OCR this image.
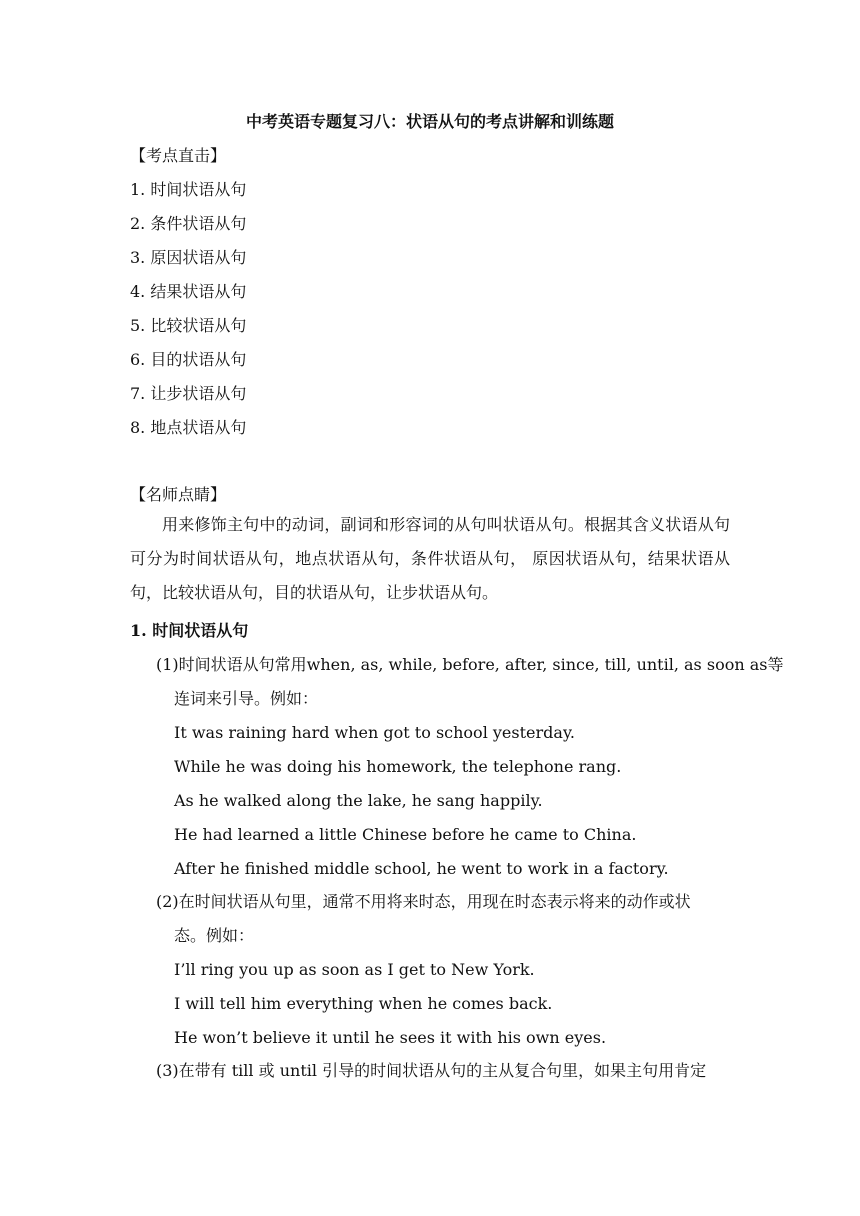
中考英语专题复习八：状语从句的考点讲解和训练题
【考点直击】
1. 时间状语从句
2. 条件状语从句
3. 原因状语从句
4. 结果状语从句
5. 比较状语从句
6. 目的状语从句
7. 让步状语从句
8. 地点状语从句
【名师点睛】
用来修饰主句中的动词，副词和形容词的从句叫状语从句。根据其含义状语从句可分为时间状语从句，地点状语从句，条件状语从句， 原因状语从句，结果状语从句，比较状语从句，目的状语从句，让步状语从句。
1. 时间状语从句
(1)时间状语从句常用when, as, while, before, after, since, till, until, as soon as等
连词来引导。例如：
It was raining hard when got to school yesterday.
While he was doing his homework, the telephone rang.
As he walked along the lake, he sang happily.
He had learned a little Chinese before he came to China.
After he finished middle school, he went to work in a factory.
(2)在时间状语从句里，通常不用将来时态，用现在时态表示将来的动作或状
态。例如：
I’ll ring you up as soon as I get to New York.
I will tell him everything when he comes back.
He won’t believe it until he sees it with his own eyes.
(3)在带有 till 或 until 引导的时间状语从句的主从复合句里，如果主句用肯定
